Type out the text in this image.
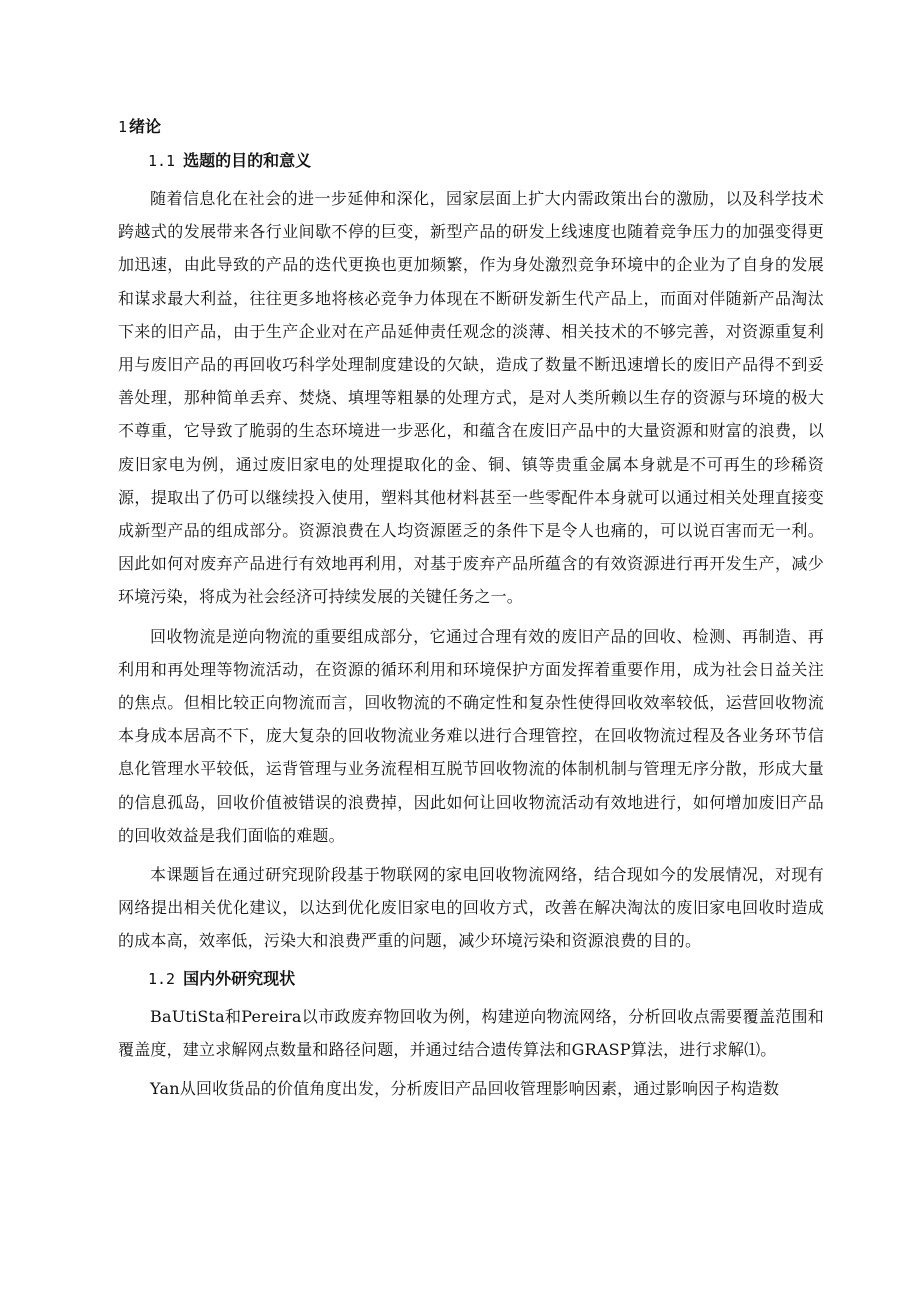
1 绪论
1.1 选题的目的和意义

随着信息化在社会的进一步延伸和深化，园家层面上扩大内需政策出台的激励，以及科学技术跨越式的发展带来各行业间歇不停的巨变，新型产品的研发上线速度也随着竞争压力的加强变得更加迅速，由此导致的产品的迭代更换也更加频繁，作为身处激烈竞争环境中的企业为了自身的发展和谋求最大利益，往往更多地将核必竞争力体现在不断研发新生代产品上，而面对伴随新产品淘汰下来的旧产品，由于生产企业对在产品延伸责任观念的淡薄、相关技术的不够完善，对资源重复利用与废旧产品的再回收巧科学处理制度建设的欠缺，造成了数量不断迅速增长的废旧产品得不到妥善处理，那种简单丢弃、焚烧、填埋等粗暴的处理方式，是对人类所赖以生存的资源与环境的极大不尊重，它导致了脆弱的生态环境进一步恶化，和蕴含在废旧产品中的大量资源和财富的浪费，以废旧家电为例，通过废旧家电的处理提取化的金、铜、镇等贵重金属本身就是不可再生的珍稀资源，提取出了仍可以继续投入使用，塑料其他材料甚至一些零配件本身就可以通过相关处理直接变成新型产品的组成部分。资源浪费在人均资源匿乏的条件下是令人也痛的，可以说百害而无一利。因此如何对废弃产品进行有效地再利用，对基于废弃产品所蕴含的有效资源进行再开发生产，减少环境污染，将成为社会经济可持续发展的关键任务之一。

回收物流是逆向物流的重要组成部分，它通过合理有效的废旧产品的回收、检测、再制造、再利用和再处理等物流活动，在资源的循环利用和环境保护方面发挥着重要作用，成为社会日益关注的焦点。但相比较正向物流而言，回收物流的不确定性和复杂性使得回收效率较低，运营回收物流本身成本居高不下，庞大复杂的回收物流业务难以进行合理管控，在回收物流过程及各业务环节信息化管理水平较低，运背管理与业务流程相互脱节回收物流的体制机制与管理无序分散，形成大量的信息孤岛，回收价值被错误的浪费掉，因此如何让回收物流活动有效地进行，如何增加废旧产品的回收效益是我们面临的难题。

本课题旨在通过研究现阶段基于物联网的家电回收物流网络，结合现如今的发展情况，对现有网络提出相关优化建议，以达到优化废旧家电的回收方式，改善在解决淘汰的废旧家电回收时造成的成本高，效率低，污染大和浪费严重的问题，减少环境污染和资源浪费的目的。

1.2 国内外研究现状

BaUtiSta和Pereira以市政废弃物回收为例，构建逆向物流网络，分析回收点需要覆盖范围和覆盖度，建立求解网点数量和路径问题，并通过结合遗传算法和GRASP算法，进行求解⑴。

Yan从回收货品的价值角度出发，分析废旧产品回收管理影响因素，通过影响因子构造数
